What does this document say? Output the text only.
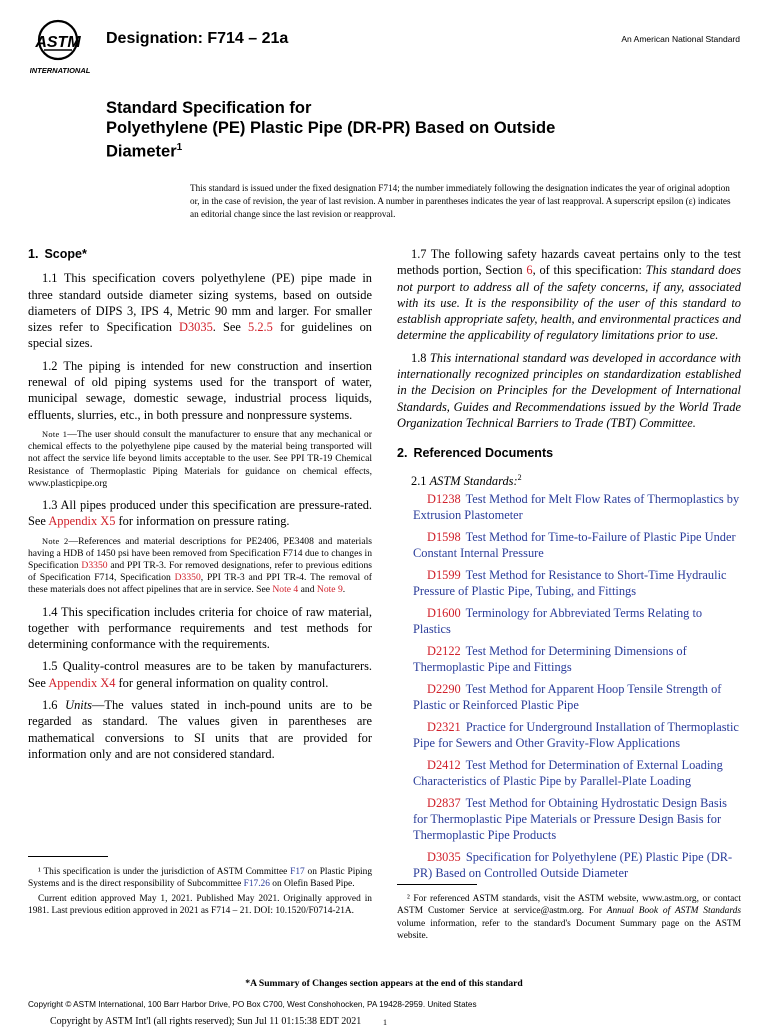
ASTM
INTERNATIONAL
Designation: F714 – 21a	An American National Standard
Standard Specification for
Polyethylene (PE) Plastic Pipe (DR-PR) Based on Outside
Diameter$^1$
This standard is issued under the fixed designation F714; the number immediately following the designation indicates the year of original adoption or, in the case of revision, the year of last revision. A number in parentheses indicates the year of last reapproval. A superscript epsilon (ε) indicates an editorial change since the last revision or reapproval.
1. Scope*

1.1 This specification covers polyethylene (PE) pipe made in three standard outside diameter sizing systems, based on outside diameters of DIPS 3, IPS 4, Metric 90 mm and larger. For smaller sizes refer to Specification D3035. See 5.2.5 for guidelines on special sizes.

1.2 The piping is intended for new construction and insertion renewal of old piping systems used for the transport of water, municipal sewage, domestic sewage, industrial process liquids, effluents, slurries, etc., in both pressure and nonpressure systems.

Note 1—The user should consult the manufacturer to ensure that any mechanical or chemical effects to the polyethylene pipe caused by the material being transported will not affect the service life beyond limits acceptable to the user. See PPI TR-19 Chemical Resistance of Thermoplastic Piping Materials for guidance on chemical effects, www.plasticpipe.org

1.3 All pipes produced under this specification are pressure-rated. See Appendix X5 for information on pressure rating.

Note 2—References and material descriptions for PE2406, PE3408 and materials having a HDB of 1450 psi have been removed from Specification F714 due to changes in Specification D3350 and PPI TR-3. For removed designations, refer to previous editions of Specification F714, Specification D3350, PPI TR-3 and PPI TR-4. The removal of these materials does not affect pipelines that are in service. See Note 4 and Note 9.

1.4 This specification includes criteria for choice of raw material, together with performance requirements and test methods for determining conformance with the requirements.

1.5 Quality-control measures are to be taken by manufacturers. See Appendix X4 for general information on quality control.

1.6 Units—The values stated in inch-pound units are to be regarded as standard. The values given in parentheses are mathematical conversions to SI units that are provided for information only and are not considered standard.

1.7 The following safety hazards caveat pertains only to the test methods portion, Section 6, of this specification: This standard does not purport to address all of the safety concerns, if any, associated with its use. It is the responsibility of the user of this standard to establish appropriate safety, health, and environmental practices and determine the applicability of regulatory limitations prior to use.

1.8 This international standard was developed in accordance with internationally recognized principles on standardization established in the Decision on Principles for the Development of International Standards, Guides and Recommendations issued by the World Trade Organization Technical Barriers to Trade (TBT) Committee.

2. Referenced Documents

2.1 ASTM Standards:$^2$

D1238 Test Method for Melt Flow Rates of Thermoplastics by Extrusion Plastometer

D1598 Test Method for Time-to-Failure of Plastic Pipe Under Constant Internal Pressure

D1599 Test Method for Resistance to Short-Time Hydraulic Pressure of Plastic Pipe, Tubing, and Fittings

D1600 Terminology for Abbreviated Terms Relating to Plastics

D2122 Test Method for Determining Dimensions of Thermoplastic Pipe and Fittings

D2290 Test Method for Apparent Hoop Tensile Strength of Plastic or Reinforced Plastic Pipe

D2321 Practice for Underground Installation of Thermoplastic Pipe for Sewers and Other Gravity-Flow Applications

D2412 Test Method for Determination of External Loading Characteristics of Plastic Pipe by Parallel-Plate Loading

D2837 Test Method for Obtaining Hydrostatic Design Basis for Thermoplastic Pipe Materials or Pressure Design Basis for Thermoplastic Pipe Products

D3035 Specification for Polyethylene (PE) Plastic Pipe (DR-PR) Based on Controlled Outside Diameter

¹ This specification is under the jurisdiction of ASTM Committee F17 on Plastic Piping Systems and is the direct responsibility of Subcommittee F17.26 on Olefin Based Pipe.

Current edition approved May 1, 2021. Published May 2021. Originally approved in 1981. Last previous edition approved in 2021 as F714 – 21. DOI: 10.1520/F0714-21A.

² For referenced ASTM standards, visit the ASTM website, www.astm.org, or contact ASTM Customer Service at service@astm.org. For Annual Book of ASTM Standards volume information, refer to the standard's Document Summary page on the ASTM website.

*A Summary of Changes section appears at the end of this standard
Copyright © ASTM International, 100 Barr Harbor Drive, PO Box C700, West Conshohocken, PA 19428-2959. United States
Copyright by ASTM Int'l (all rights reserved); Sun Jul 11 01:15:38 EDT 2021	1
